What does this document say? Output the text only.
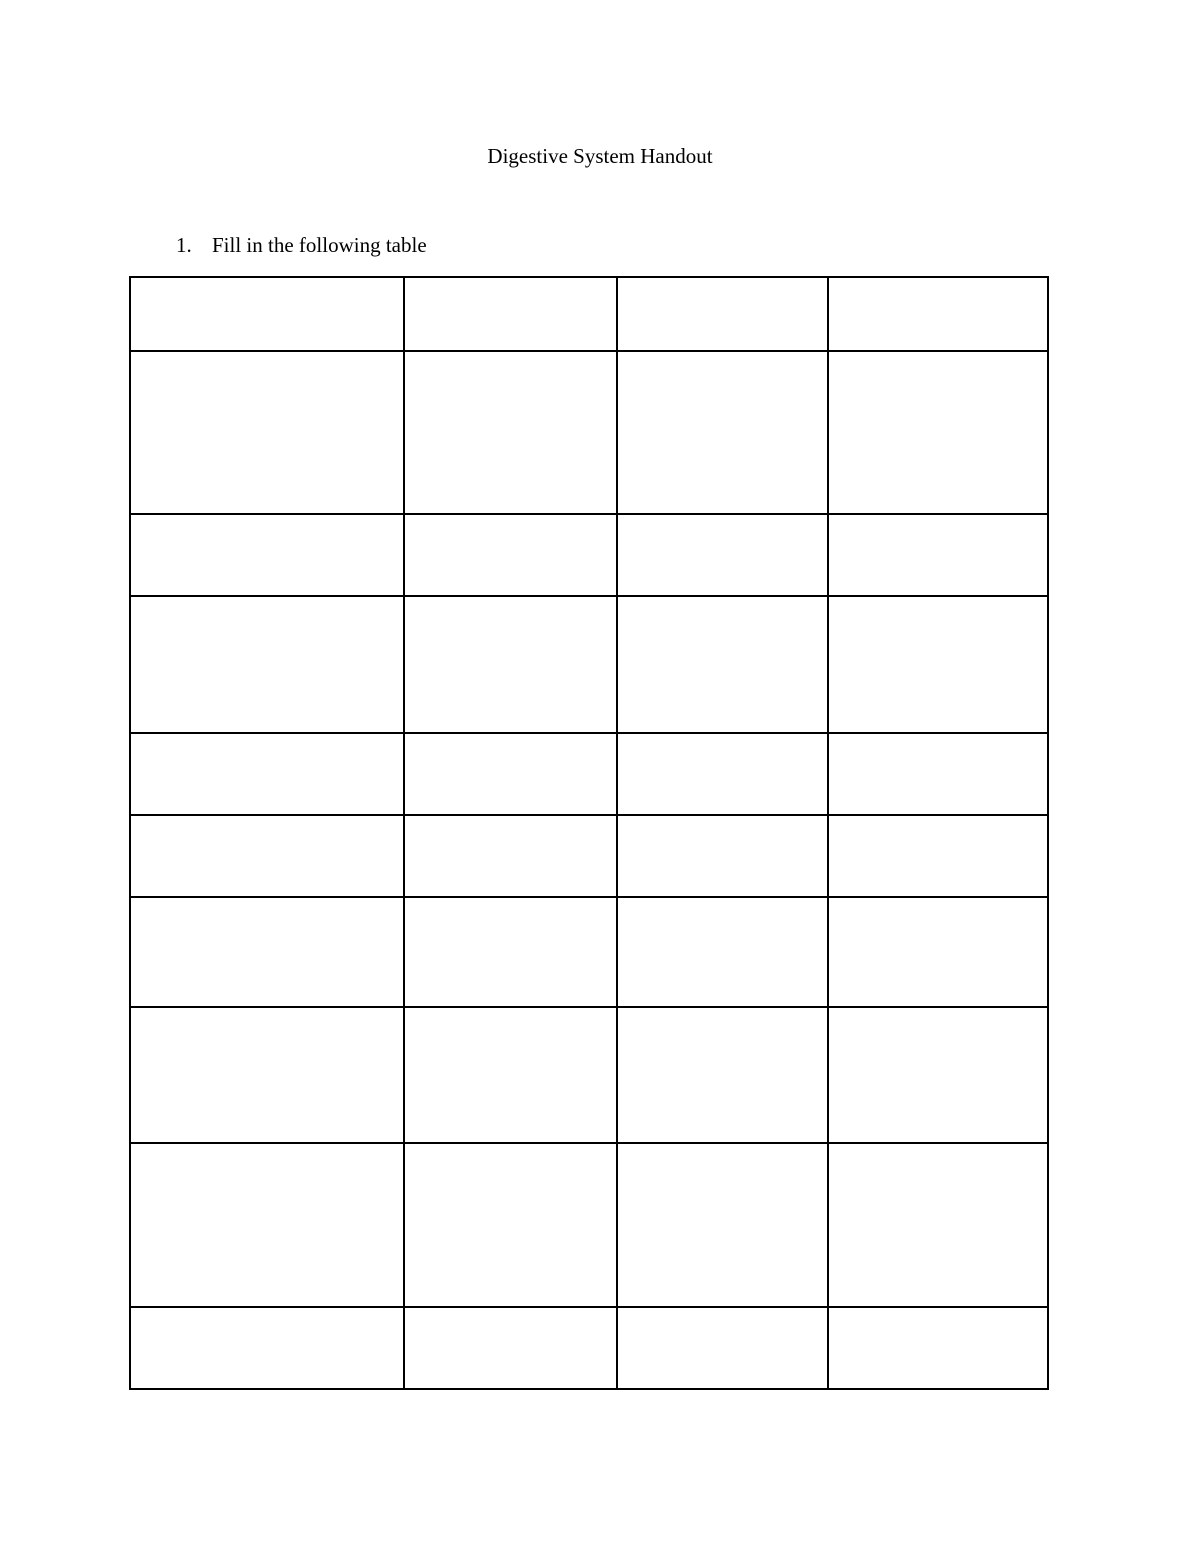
Digestive System Handout
1. Fill in the following table
